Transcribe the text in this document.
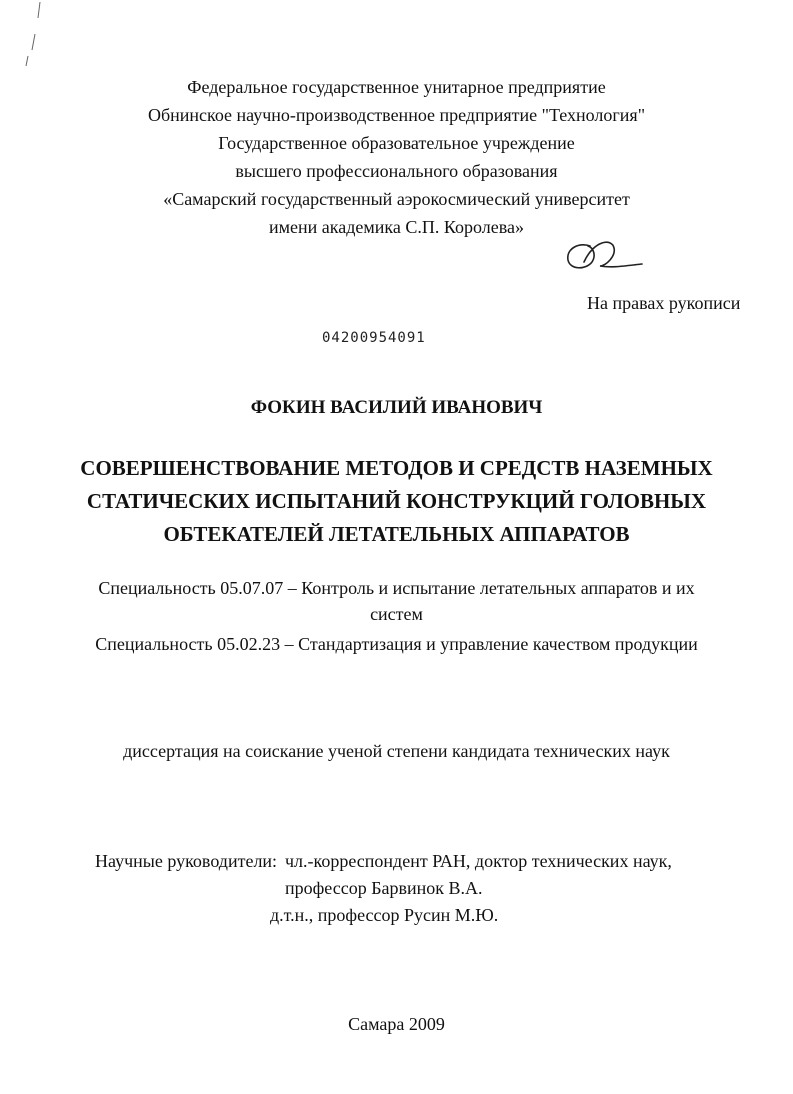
Федеральное государственное унитарное предприятие
Обнинское научно-производственное предприятие "Технология"
Государственное образовательное учреждение
высшего профессионального образования
«Самарский государственный аэрокосмический университет
имени академика С.П. Королева»
На правах рукописи
04200954091
ФОКИН ВАСИЛИЙ ИВАНОВИЧ
СОВЕРШЕНСТВОВАНИЕ МЕТОДОВ И СРЕДСТВ НАЗЕМНЫХ
СТАТИЧЕСКИХ ИСПЫТАНИЙ КОНСТРУКЦИЙ ГОЛОВНЫХ
ОБТЕКАТЕЛЕЙ ЛЕТАТЕЛЬНЫХ АППАРАТОВ
Специальность 05.07.07 – Контроль и испытание летательных аппаратов и их
систем
Специальность 05.02.23 – Стандартизация и управление качеством продукции
диссертация на соискание ученой степени кандидата технических наук
Научные руководители: чл.-корреспондент РАН, доктор технических наук,
профессор Барвинок В.А.
д.т.н., профессор Русин М.Ю.
Самара 2009
